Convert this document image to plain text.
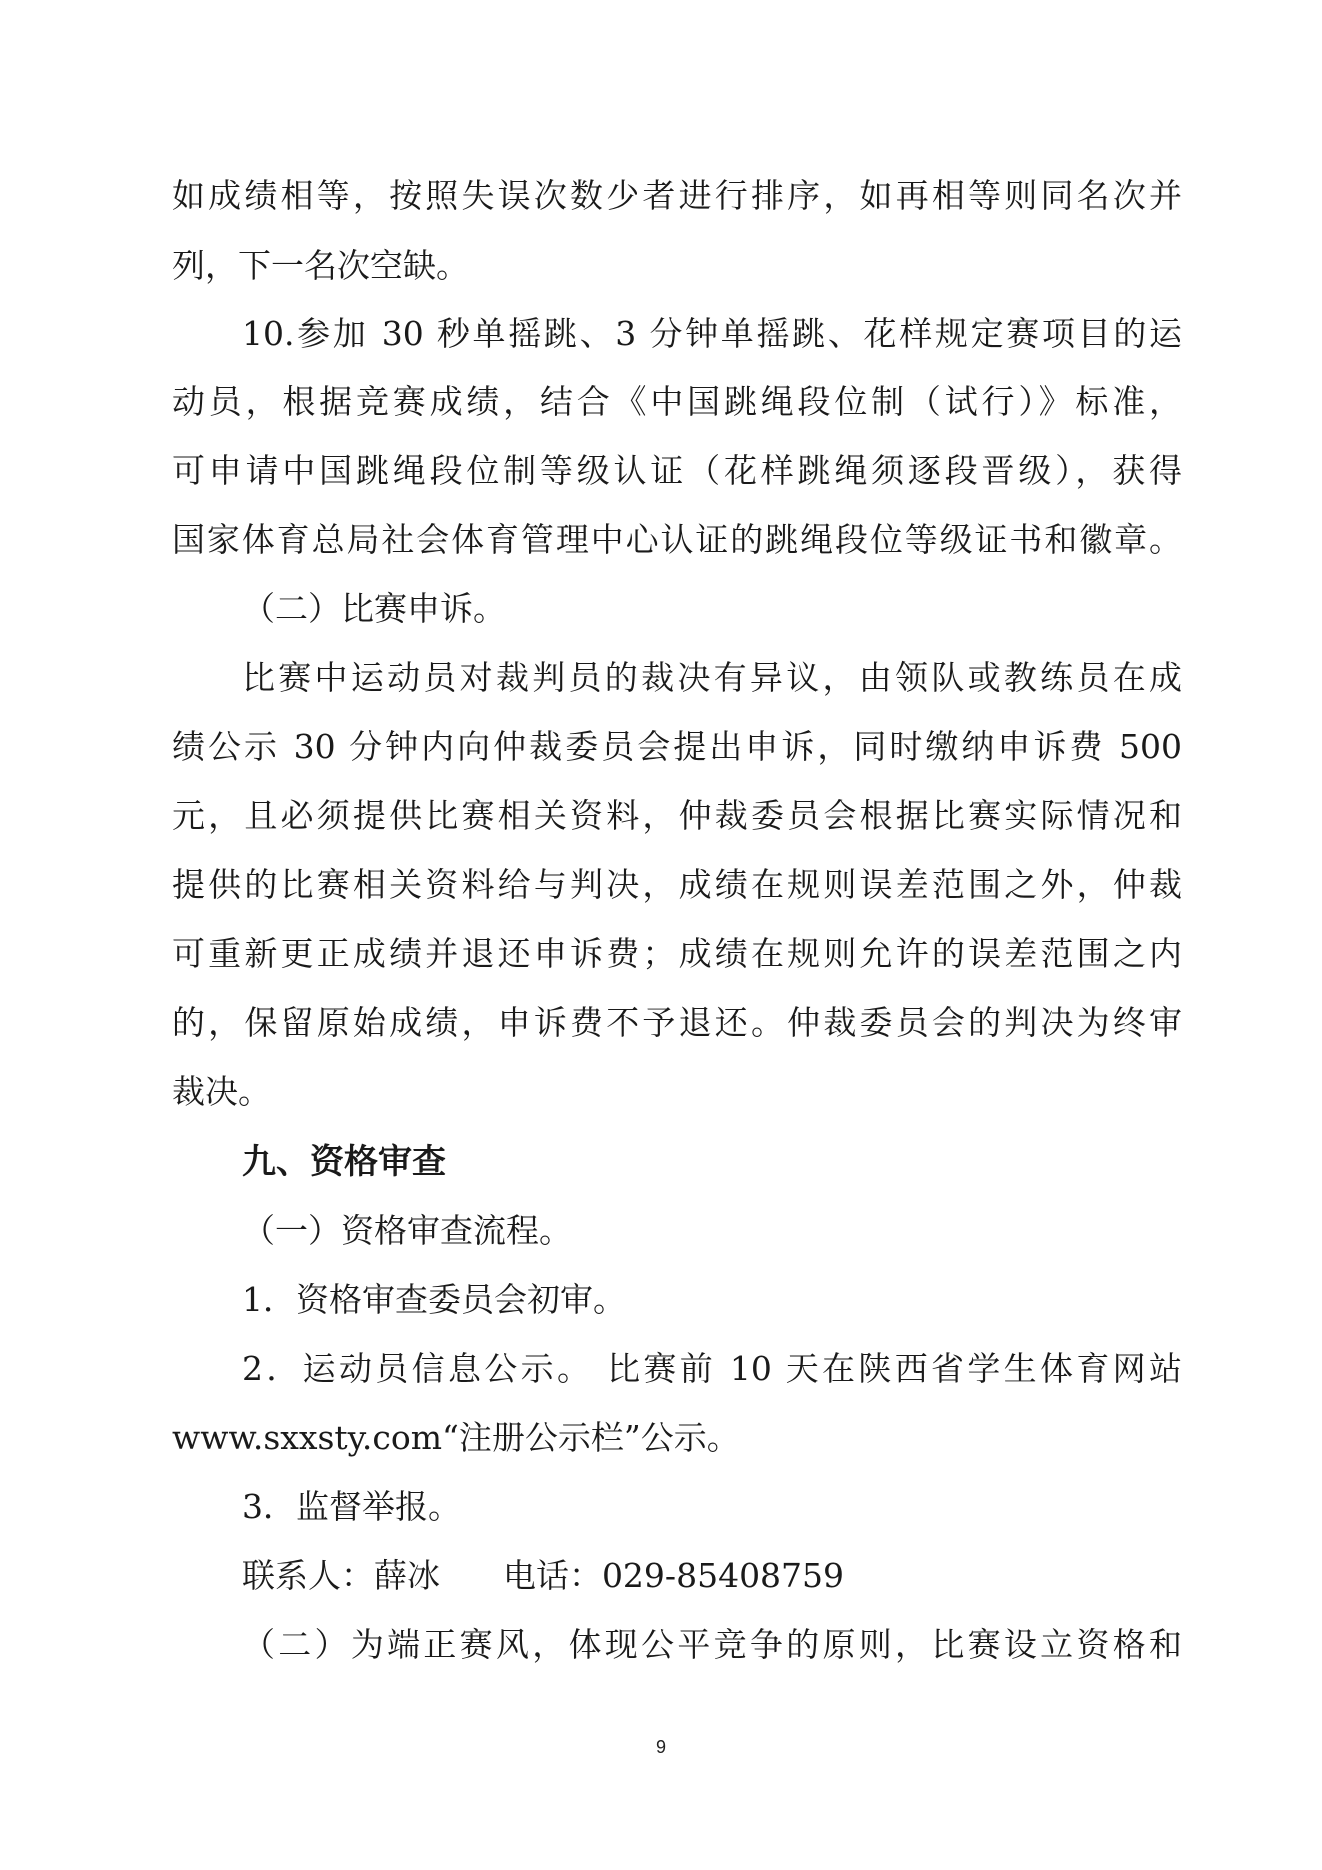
如成绩相等，按照失误次数少者进行排序，如再相等则同名次并

列，下一名次空缺。

10.参加 30 秒单摇跳、3 分钟单摇跳、花样规定赛项目的运

动员，根据竞赛成绩，结合《中国跳绳段位制（试行）》标准，

可申请中国跳绳段位制等级认证（花样跳绳须逐段晋级），获得

国家体育总局社会体育管理中心认证的跳绳段位等级证书和徽章。

（二）比赛申诉。

比赛中运动员对裁判员的裁决有异议，由领队或教练员在成

绩公示 30 分钟内向仲裁委员会提出申诉，同时缴纳申诉费 500

元，且必须提供比赛相关资料，仲裁委员会根据比赛实际情况和

提供的比赛相关资料给与判决，成绩在规则误差范围之外，仲裁

可重新更正成绩并退还申诉费；成绩在规则允许的误差范围之内

的，保留原始成绩，申诉费不予退还。仲裁委员会的判决为终审

裁决。

九、资格审查

（一）资格审查流程。

1．资格审查委员会初审。

2．运动员信息公示。 比赛前 10 天在陕西省学生体育网站

www.sxxsty.com“注册公示栏”公示。

3．监督举报。

联系人：薛冰      电话：029-85408759

（二）为端正赛风，体现公平竞争的原则，比赛设立资格和

9
